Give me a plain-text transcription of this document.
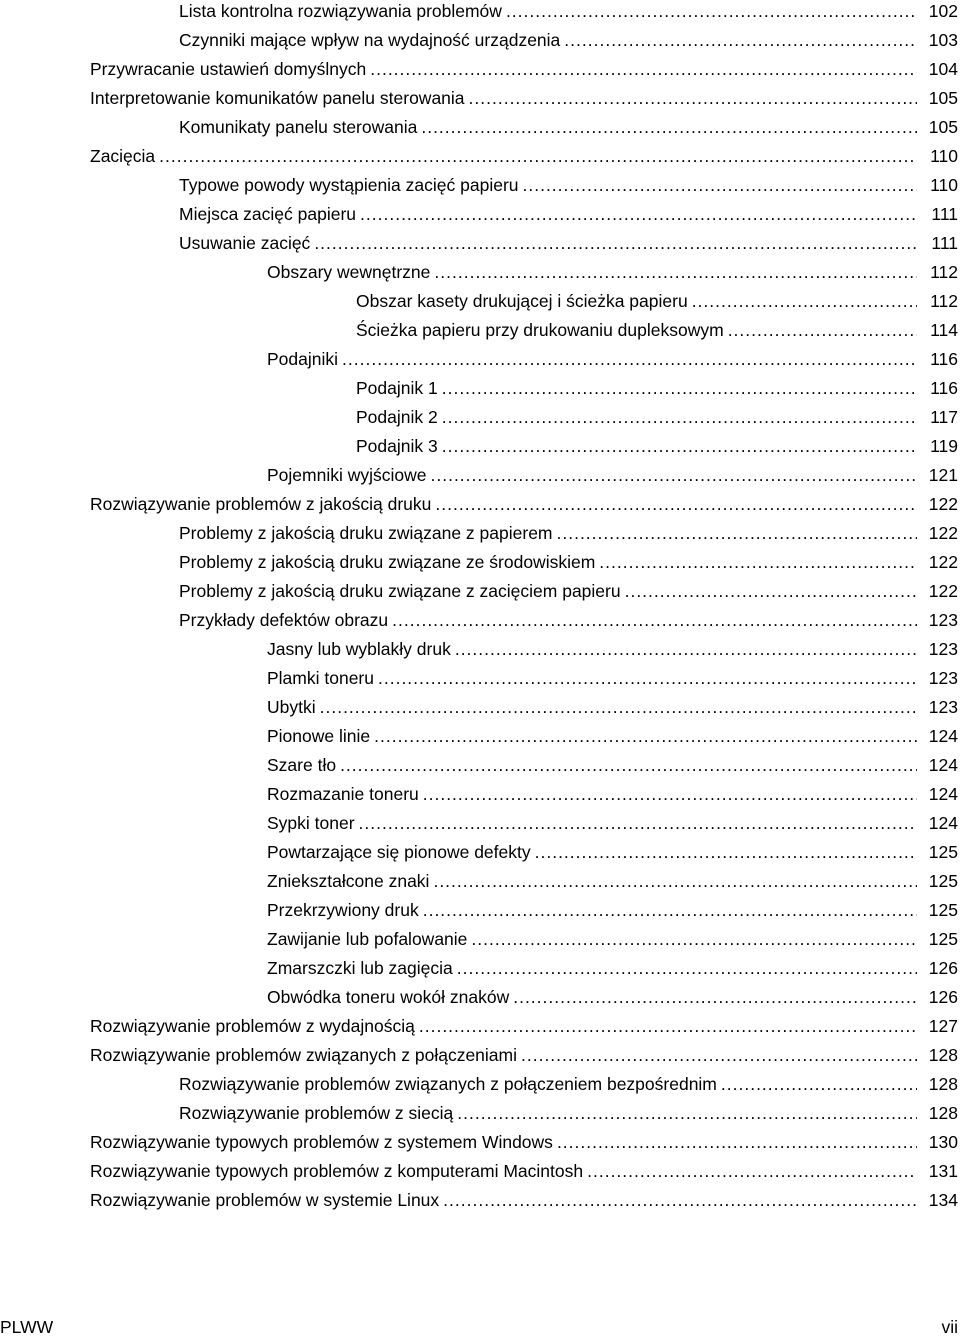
Lista kontrolna rozwiązywania problemów .....	102
Czynniki mające wpływ na wydajność urządzenia .....	103
Przywracanie ustawień domyślnych .....	104
Interpretowanie komunikatów panelu sterowania .....	105
Komunikaty panelu sterowania .....	105
Zacięcia .....	110
Typowe powody wystąpienia zacięć papieru .....	110
Miejsca zacięć papieru .....	111
Usuwanie zacięć .....	111
Obszary wewnętrzne .....	112
Obszar kasety drukującej i ścieżka papieru .....	112
Ścieżka papieru przy drukowaniu dupleksowym .....	114
Podajniki .....	116
Podajnik 1 .....	116
Podajnik 2 .....	117
Podajnik 3 .....	119
Pojemniki wyjściowe .....	121
Rozwiązywanie problemów z jakością druku .....	122
Problemy z jakością druku związane z papierem .....	122
Problemy z jakością druku związane ze środowiskiem .....	122
Problemy z jakością druku związane z zacięciem papieru .....	122
Przykłady defektów obrazu .....	123
Jasny lub wyblakły druk .....	123
Plamki toneru .....	123
Ubytki .....	123
Pionowe linie .....	124
Szare tło .....	124
Rozmazanie toneru .....	124
Sypki toner .....	124
Powtarzające się pionowe defekty .....	125
Zniekształcone znaki .....	125
Przekrzywiony druk .....	125
Zawijanie lub pofalowanie .....	125
Zmarszczki lub zagięcia .....	126
Obwódka toneru wokół znaków .....	126
Rozwiązywanie problemów z wydajnością .....	127
Rozwiązywanie problemów związanych z połączeniami .....	128
Rozwiązywanie problemów związanych z połączeniem bezpośrednim .....	128
Rozwiązywanie problemów z siecią .....	128
Rozwiązywanie typowych problemów z systemem Windows .....	130
Rozwiązywanie typowych problemów z komputerami Macintosh .....	131
Rozwiązywanie problemów w systemie Linux .....	134
PLWW	vii
